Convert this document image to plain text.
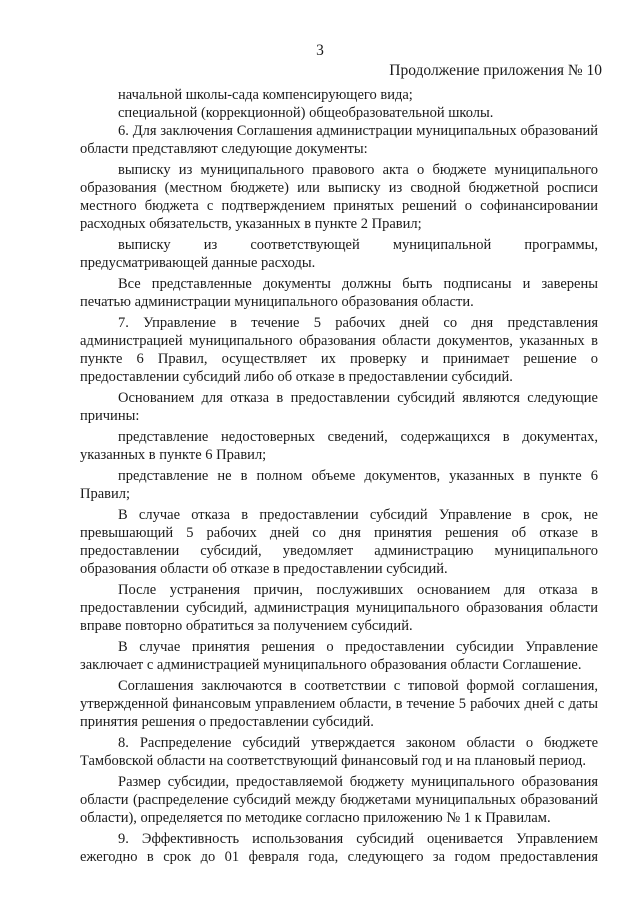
3
Продолжение приложения № 10

начальной школы-сада компенсирующего вида;

специальной (коррекционной) общеобразовательной школы.

6. Для заключения Соглашения администрации муниципальных образований области представляют следующие документы:

выписку из муниципального правового акта о бюджете муниципального образования (местном бюджете) или выписку из сводной бюджетной росписи местного бюджета с подтверждением принятых решений о софинансировании расходных обязательств, указанных в пункте 2 Правил;

выписку из соответствующей муниципальной программы, предусматривающей данные расходы.

Все представленные документы должны быть подписаны и заверены печатью администрации муниципального образования области.

7. Управление в течение 5 рабочих дней со дня представления администрацией муниципального образования области документов, указанных в пункте 6 Правил, осуществляет их проверку и принимает решение о предоставлении субсидий либо об отказе в предоставлении субсидий.

Основанием для отказа в предоставлении субсидий являются следующие причины:

представление недостоверных сведений, содержащихся в документах, указанных в пункте 6 Правил;

представление не в полном объеме документов, указанных в пункте 6 Правил;

В случае отказа в предоставлении субсидий Управление в срок, не превышающий 5 рабочих дней со дня принятия решения об отказе в предоставлении субсидий, уведомляет администрацию муниципального образования области об отказе в предоставлении субсидий.

После устранения причин, послуживших основанием для отказа в предоставлении субсидий, администрация муниципального образования области вправе повторно обратиться за получением субсидий.

В случае принятия решения о предоставлении субсидии Управление заключает с администрацией муниципального образования области Соглашение.

Соглашения заключаются в соответствии с типовой формой соглашения, утвержденной финансовым управлением области, в течение 5 рабочих дней с даты принятия решения о предоставлении субсидий.

8. Распределение субсидий утверждается законом области о бюджете Тамбовской области на соответствующий финансовый год и на плановый период.

Размер субсидии, предоставляемой бюджету муниципального образования области (распределение субсидий между бюджетами муниципальных образований области), определяется по методике согласно приложению № 1 к Правилам.

9. Эффективность использования субсидий оценивается Управлением ежегодно в срок до 01 февраля года, следующего за годом предоставления
